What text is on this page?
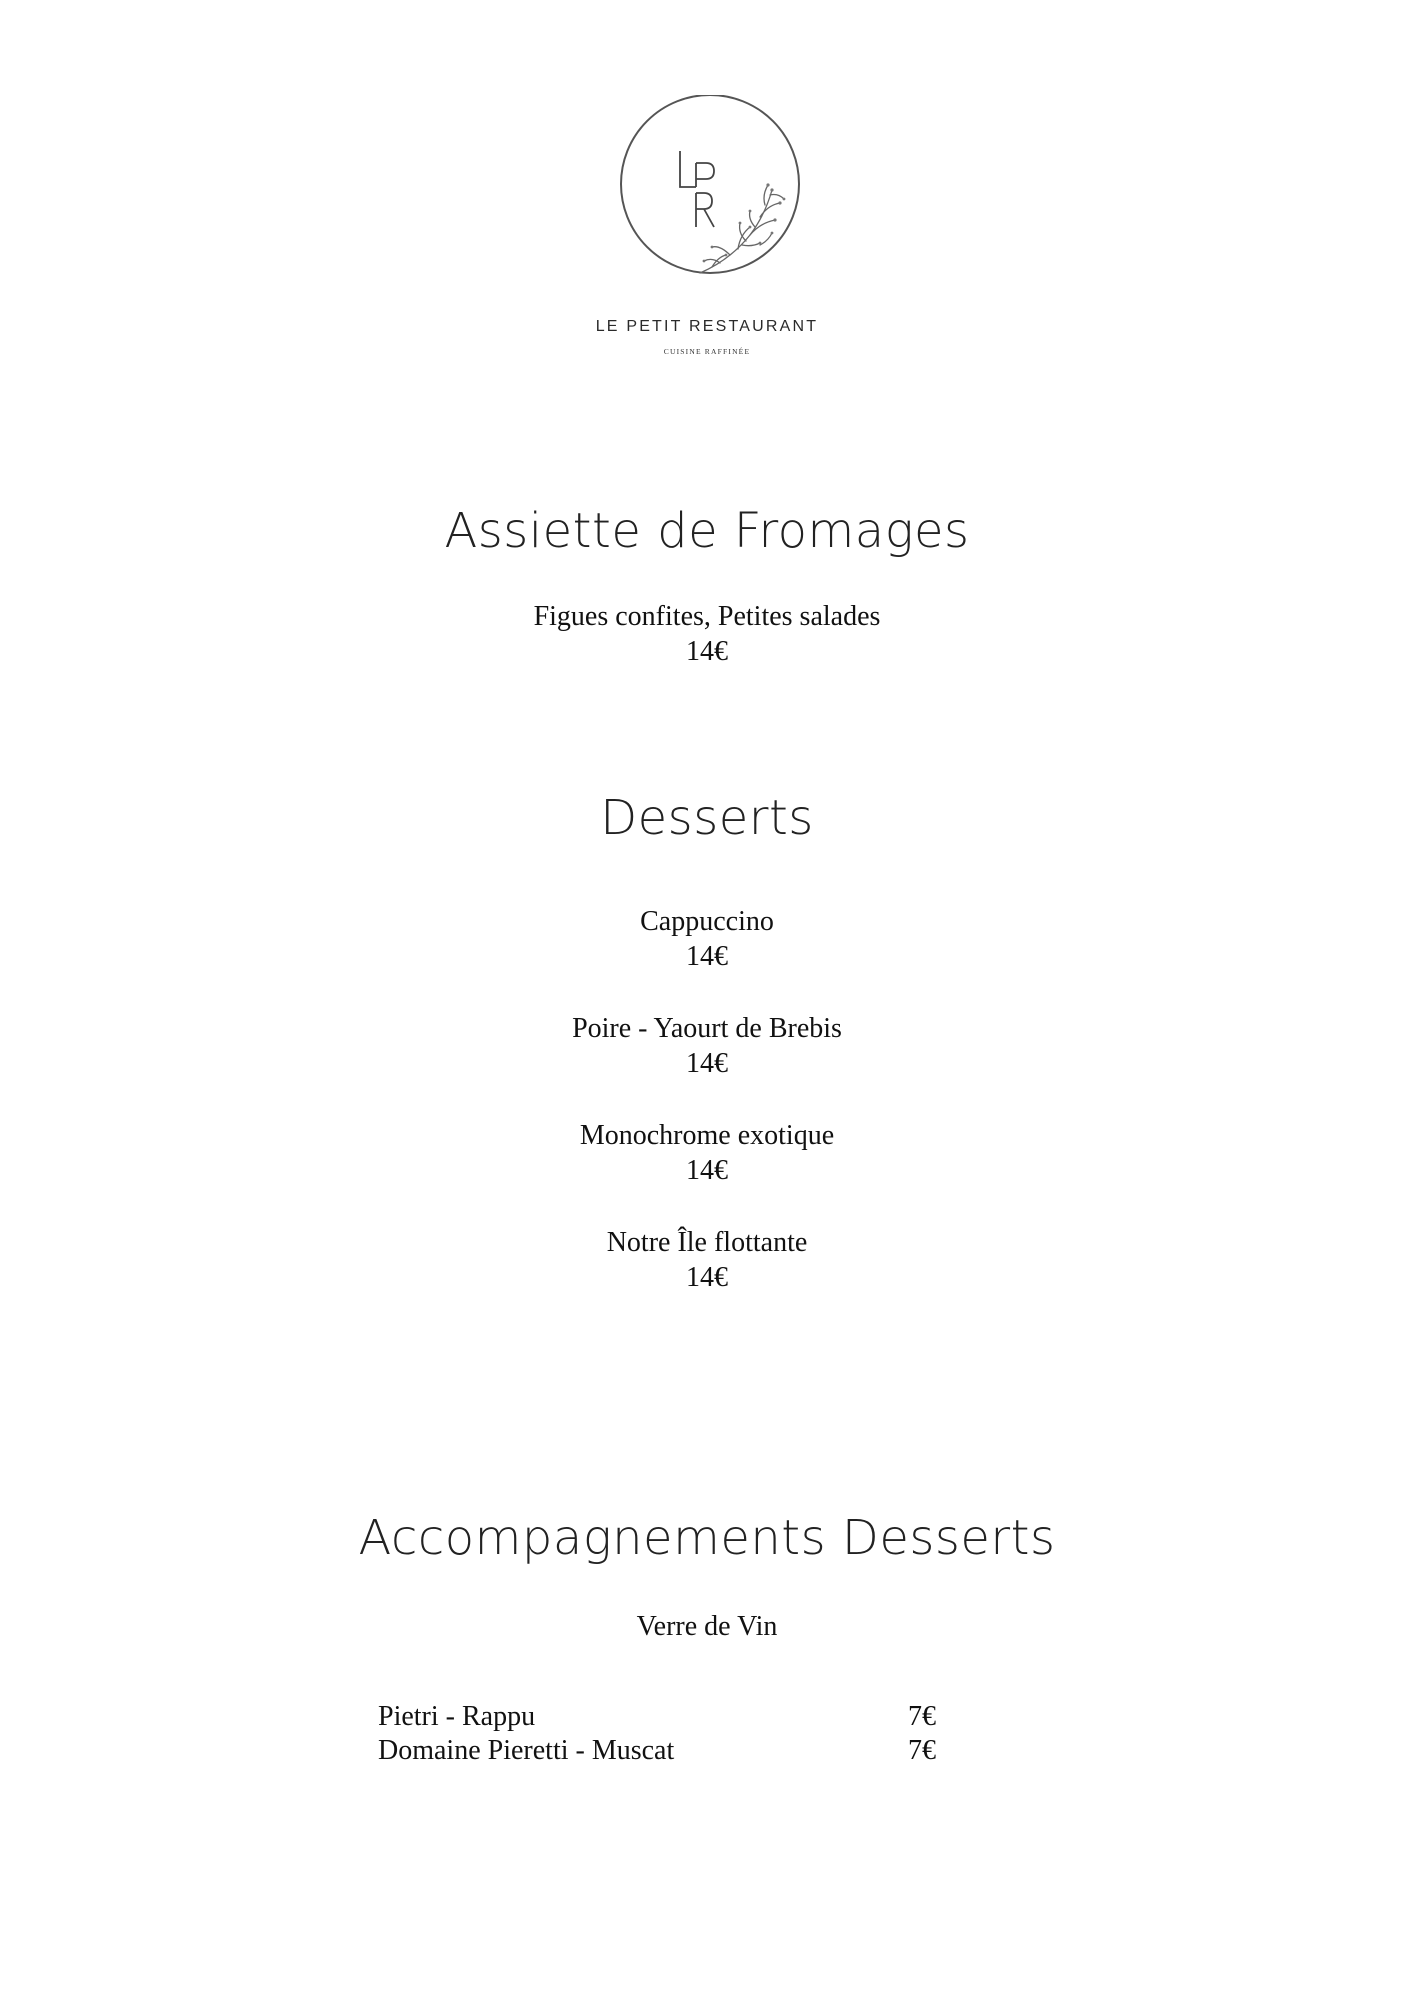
LE PETIT RESTAURANT
CUISINE RAFFINÉE
Assiette de Fromages
Figues confites, Petites salades
14€
Desserts
Cappuccino
14€
Poire - Yaourt de Brebis
14€
Monochrome exotique
14€
Notre Île flottante
14€
Accompagnements Desserts
Verre de Vin
Pietri - Rappu	7€
Domaine Pieretti - Muscat	7€
